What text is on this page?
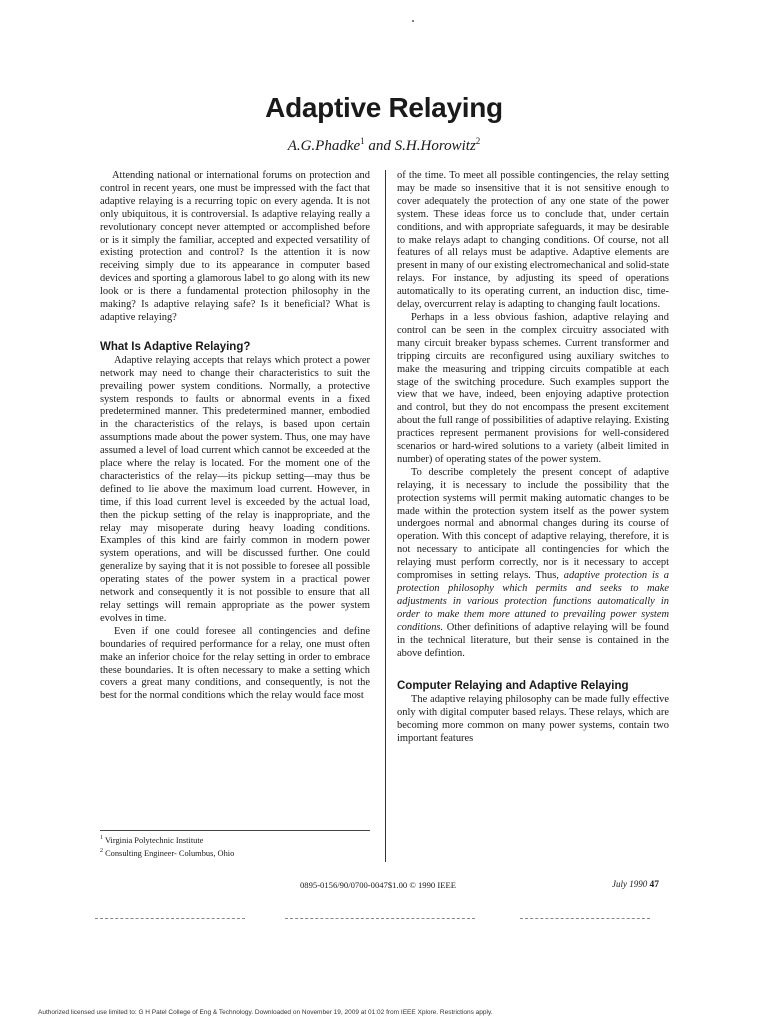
Adaptive Relaying
A.G.Phadke$^1$ and S.H.Horowitz$^2$

Attending national or international forums on protection and control in recent years, one must be impressed with the fact that adaptive relaying is a recurring topic on every agenda. It is not only ubiquitous, it is controversial. Is adaptive relaying really a revolutionary concept never attempted or accomplished before or is it simply the familiar, accepted and expected versatility of existing protection and control? Is the attention it is now receiving simply due to its appearance in computer based devices and sporting a glamorous label to go along with its new look or is there a fundamental protection philosophy in the making? Is adaptive relaying safe? Is it beneficial? What is adaptive relaying?

What Is Adaptive Relaying?

Adaptive relaying accepts that relays which protect a power network may need to change their characteristics to suit the prevailing power system conditions. Normally, a protective system responds to faults or abnormal events in a fixed predetermined manner. This predetermined manner, embodied in the characteristics of the relays, is based upon certain assumptions made about the power system. Thus, one may have assumed a level of load current which cannot be exceeded at the place where the relay is located. For the moment one of the characteristics of the relay—its pickup setting—may thus be defined to lie above the maximum load current. However, in time, if this load current level is exceeded by the actual load, then the pickup setting of the relay is inappropriate, and the relay may misoperate during heavy loading conditions. Examples of this kind are fairly common in modern power system operations, and will be discussed further. One could generalize by saying that it is not possible to foresee all possible operating states of the power system in a practical power network and consequently it is not possible to ensure that all relay settings will remain appropriate as the power system evolves in time.

Even if one could foresee all contingencies and define boundaries of required performance for a relay, one must often make an inferior choice for the relay setting in order to embrace these boundaries. It is often necessary to make a setting which covers a great many conditions, and consequently, is not the best for the normal conditions which the relay would face most

$^1$ Virginia Polytechnic Institute
$^2$ Consulting Engineer- Columbus, Ohio

of the time. To meet all possible contingencies, the relay setting may be made so insensitive that it is not sensitive enough to cover adequately the protection of any one state of the power system. These ideas force us to conclude that, under certain conditions, and with appropriate safeguards, it may be desirable to make relays adapt to changing conditions. Of course, not all features of all relays must be adaptive. Adaptive elements are present in many of our existing electromechanical and solid-state relays. For instance, by adjusting its speed of operations automatically to its operating current, an induction disc, time-delay, overcurrent relay is adapting to changing fault locations.

Perhaps in a less obvious fashion, adaptive relaying and control can be seen in the complex circuitry associated with many circuit breaker bypass schemes. Current transformer and tripping circuits are reconfigured using auxiliary switches to make the measuring and tripping circuits compatible at each stage of the switching procedure. Such examples support the view that we have, indeed, been enjoying adaptive protection and control, but they do not encompass the present excitement about the full range of possibilities of adaptive relaying. Existing practices represent permanent provisions for well-considered scenarios or hard-wired solutions to a variety (albeit limited in number) of operating states of the power system.

To describe completely the present concept of adaptive relaying, it is necessary to include the possibility that the protection systems will permit making automatic changes to be made within the protection system itself as the power system undergoes normal and abnormal changes during its course of operation. With this concept of adaptive relaying, therefore, it is not necessary to anticipate all contingencies for which the relaying must perform correctly, nor is it necessary to accept compromises in setting relays. Thus, adaptive protection is a protection philosophy which permits and seeks to make adjustments in various protection functions automatically in order to make them more attuned to prevailing power system conditions. Other definitions of adaptive relaying will be found in the technical literature, but their sense is contained in the above defintion.

Computer Relaying and Adaptive Relaying

The adaptive relaying philosophy can be made fully effective only with digital computer based relays. These relays, which are becoming more common on many power systems, contain two important features

0895-0156/90/0700-0047$1.00 © 1990 IEEE	July 1990 47
Authorized licensed use limited to: G H Patel College of Eng & Technology. Downloaded on November 19, 2009 at 01:02 from IEEE Xplore. Restrictions apply.
